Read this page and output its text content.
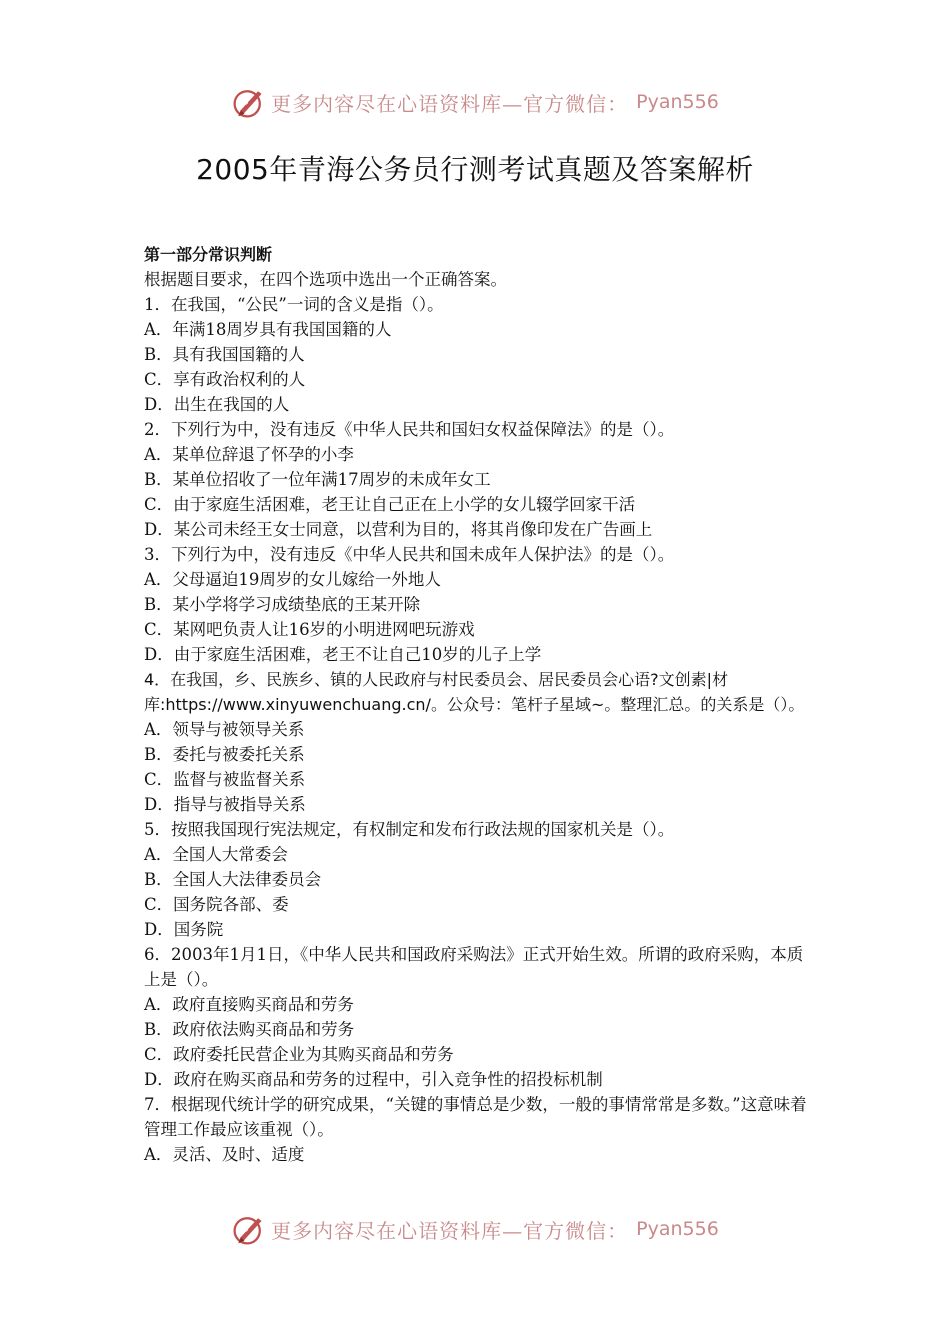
更多内容尽在心语资料库—官方微信： Pyan556
2005年青海公务员行测考试真题及答案解析

第一部分常识判断

根据题目要求，在四个选项中选出一个正确答案。

1．在我国，“公民”一词的含义是指（）。

A．年满18周岁具有我国国籍的人

B．具有我国国籍的人

C．享有政治权利的人

D．出生在我国的人

2．下列行为中，没有违反《中华人民共和国妇女权益保障法》的是（）。

A．某单位辞退了怀孕的小李

B．某单位招收了一位年满17周岁的未成年女工

C．由于家庭生活困难，老王让自己正在上小学的女儿辍学回家干活

D．某公司未经王女士同意，以营利为目的，将其肖像印发在广告画上

3．下列行为中，没有违反《中华人民共和国未成年人保护法》的是（）。

A．父母逼迫19周岁的女儿嫁给一外地人

B．某小学将学习成绩垫底的王某开除

C．某网吧负责人让16岁的小明进网吧玩游戏

D．由于家庭生活困难，老王不让自己10岁的儿子上学

4．在我国，乡、民族乡、镇的人民政府与村民委员会、居民委员会心语?文创素|材库:https://www.xinyuwenchuang.cn/。公众号：笔杆子星域~。整理汇总。的关系是（）。

A．领导与被领导关系

B．委托与被委托关系

C．监督与被监督关系

D．指导与被指导关系

5．按照我国现行宪法规定，有权制定和发布行政法规的国家机关是（）。

A．全国人大常委会

B．全国人大法律委员会

C．国务院各部、委

D．国务院

6．2003年1月1日，《中华人民共和国政府采购法》正式开始生效。所谓的政府采购，本质上是（）。

A．政府直接购买商品和劳务

B．政府依法购买商品和劳务

C．政府委托民营企业为其购买商品和劳务

D．政府在购买商品和劳务的过程中，引入竞争性的招投标机制

7．根据现代统计学的研究成果，“关键的事情总是少数，一般的事情常常是多数。”这意味着管理工作最应该重视（）。

A．灵活、及时、适度

更多内容尽在心语资料库—官方微信： Pyan556
